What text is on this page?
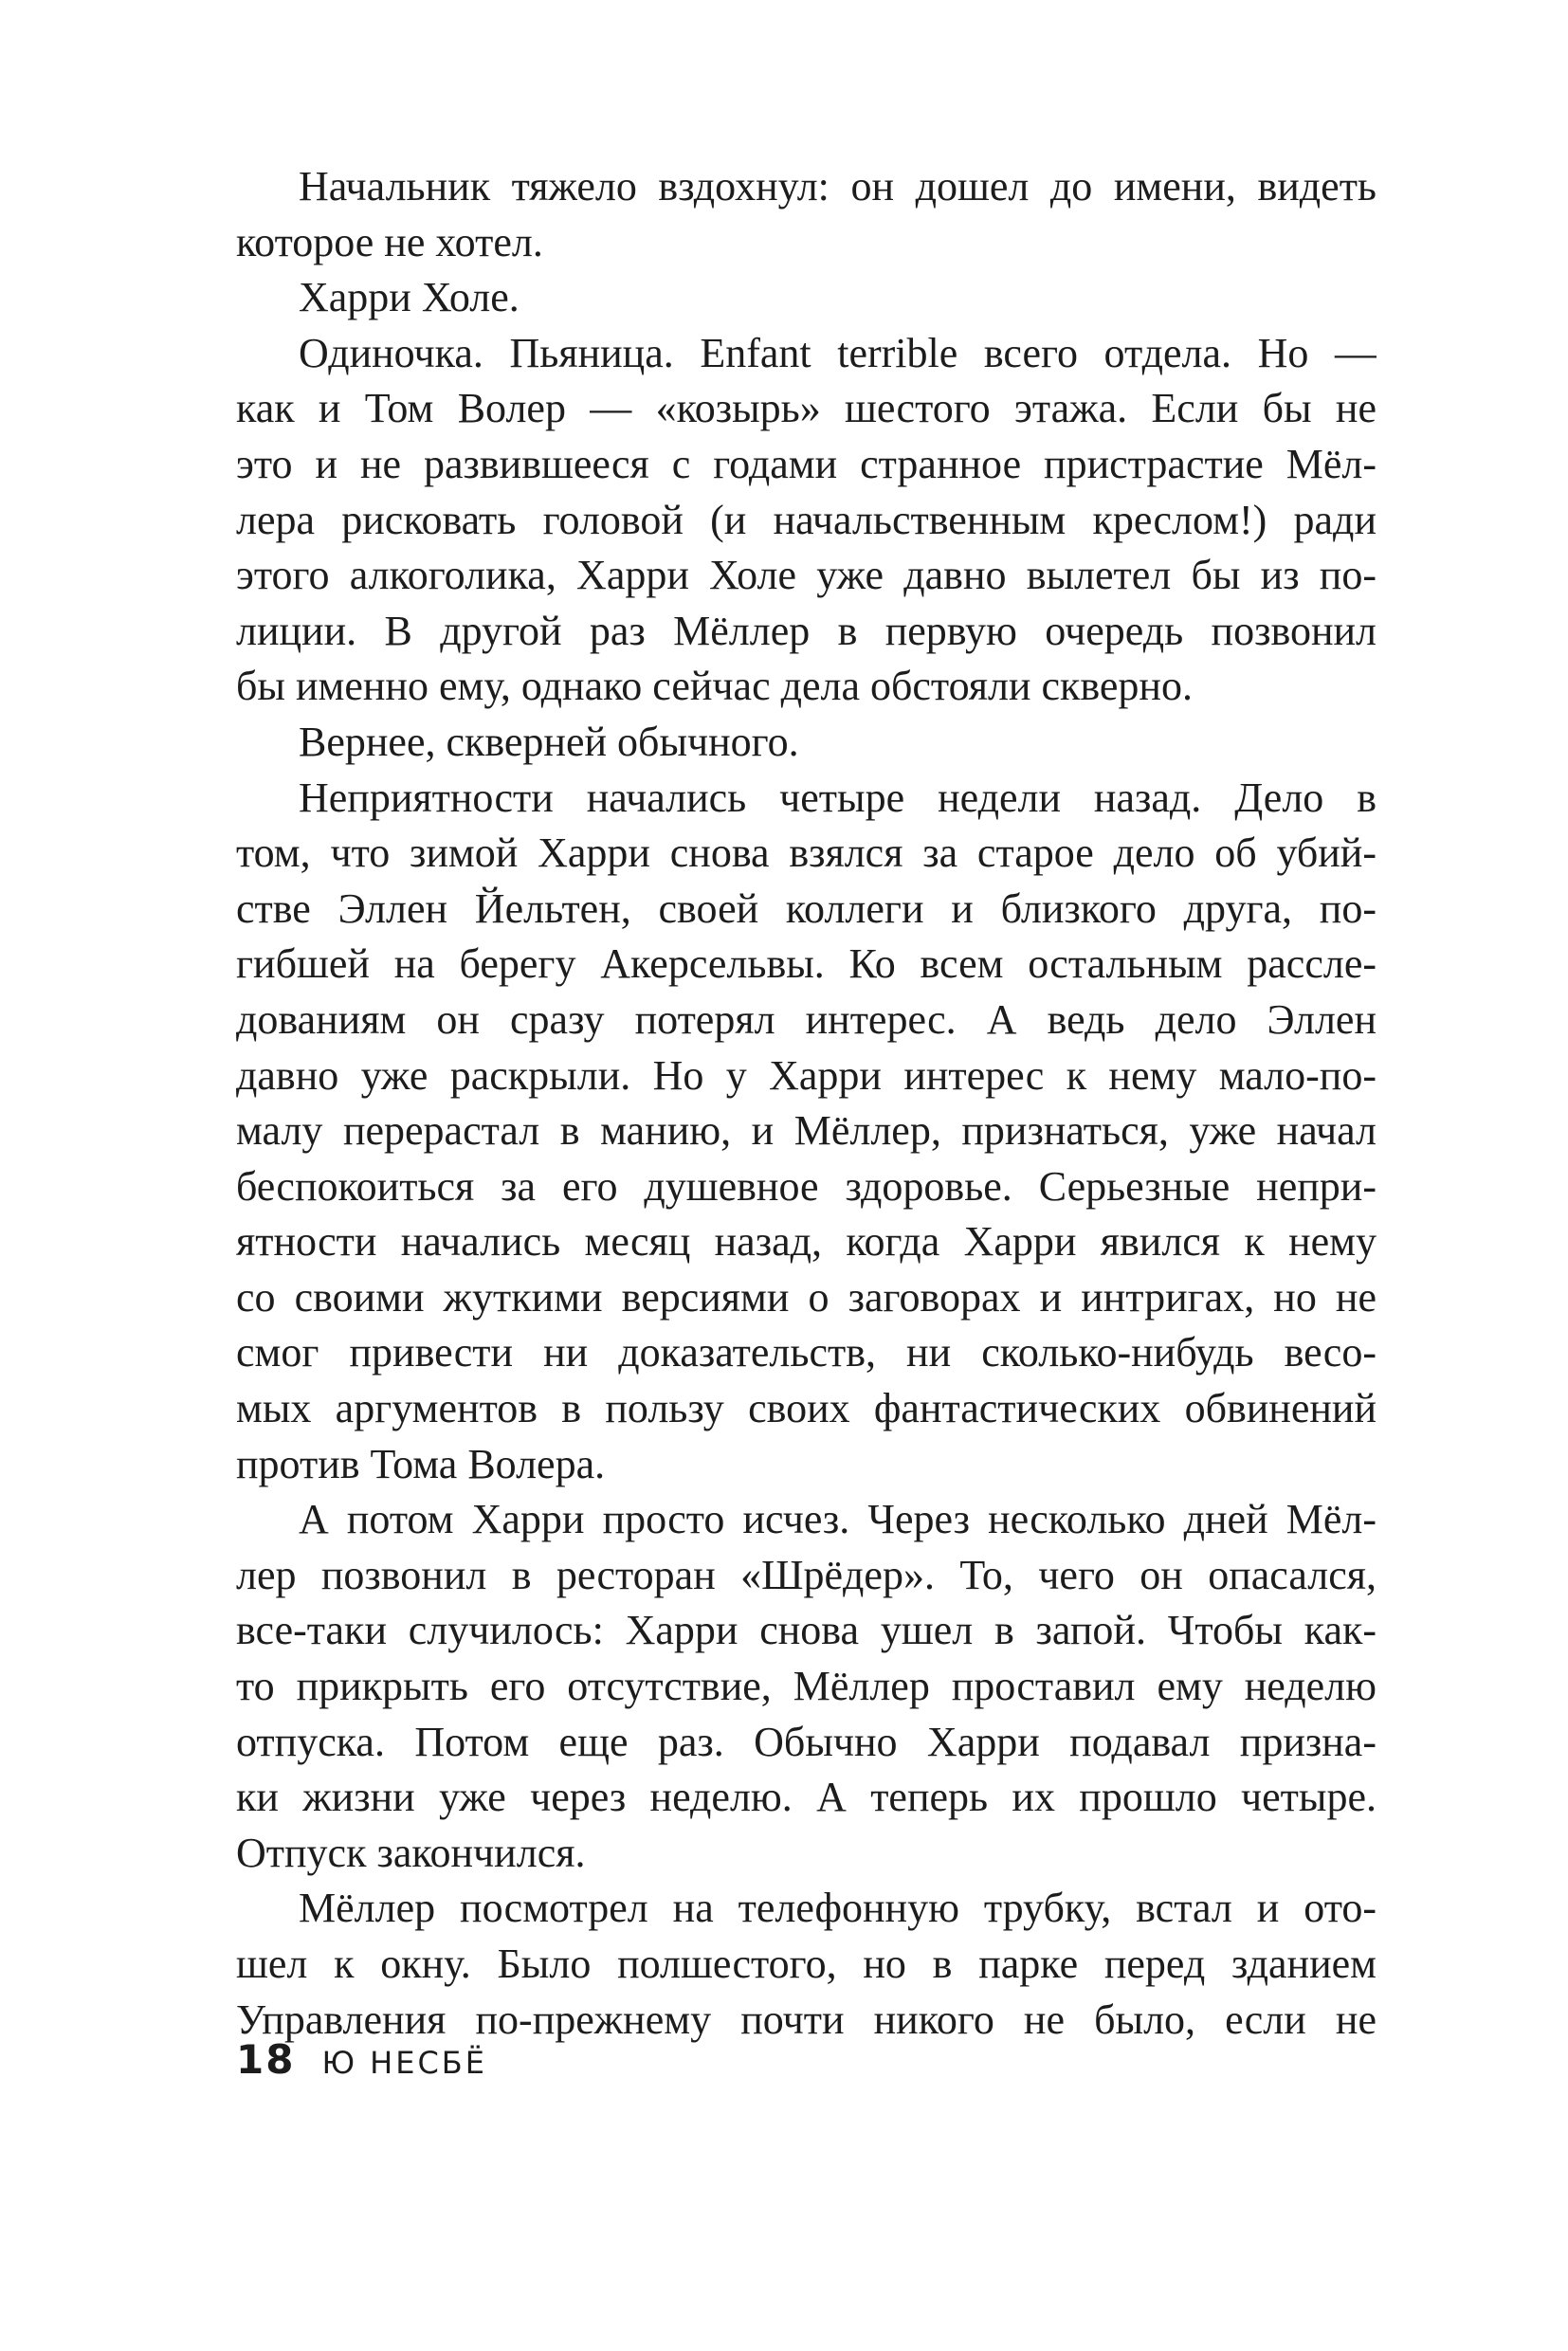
Начальник тяжело вздохнул: он дошел до имени, видеть
которое не хотел.
Харри Холе.
Одиночка. Пьяница. Enfant terrible всего отдела. Но —
как и Том Волер — «козырь» шестого этажа. Если бы не
это и не развившееся с годами странное пристрастие Мёл-
лера рисковать головой (и начальственным креслом!) ради
этого алкоголика, Харри Холе уже давно вылетел бы из по-
лиции. В другой раз Мёллер в первую очередь позвонил
бы именно ему, однако сейчас дела обстояли скверно.
Вернее, скверней обычного.
Неприятности начались четыре недели назад. Дело в
том, что зимой Харри снова взялся за старое дело об убий-
стве Эллен Йельтен, своей коллеги и близкого друга, по-
гибшей на берегу Акерсельвы. Ко всем остальным рассле-
дованиям он сразу потерял интерес. А ведь дело Эллен
давно уже раскрыли. Но у Харри интерес к нему мало-по-
малу перерастал в манию, и Мёллер, признаться, уже начал
беспокоиться за его душевное здоровье. Серьезные непри-
ятности начались месяц назад, когда Харри явился к нему
со своими жуткими версиями о заговорах и интригах, но не
смог привести ни доказательств, ни сколько-нибудь весо-
мых аргументов в пользу своих фантастических обвинений
против Тома Волера.
А потом Харри просто исчез. Через несколько дней Мёл-
лер позвонил в ресторан «Шрёдер». То, чего он опасался,
все-таки случилось: Харри снова ушел в запой. Чтобы как-
то прикрыть его отсутствие, Мёллер проставил ему неделю
отпуска. Потом еще раз. Обычно Харри подавал призна-
ки жизни уже через неделю. А теперь их прошло четыре.
Отпуск закончился.
Мёллер посмотрел на телефонную трубку, встал и ото-
шел к окну. Было полшестого, но в парке перед зданием
Управления по-прежнему почти никого не было, если не
18 Ю НЕСБЁ
